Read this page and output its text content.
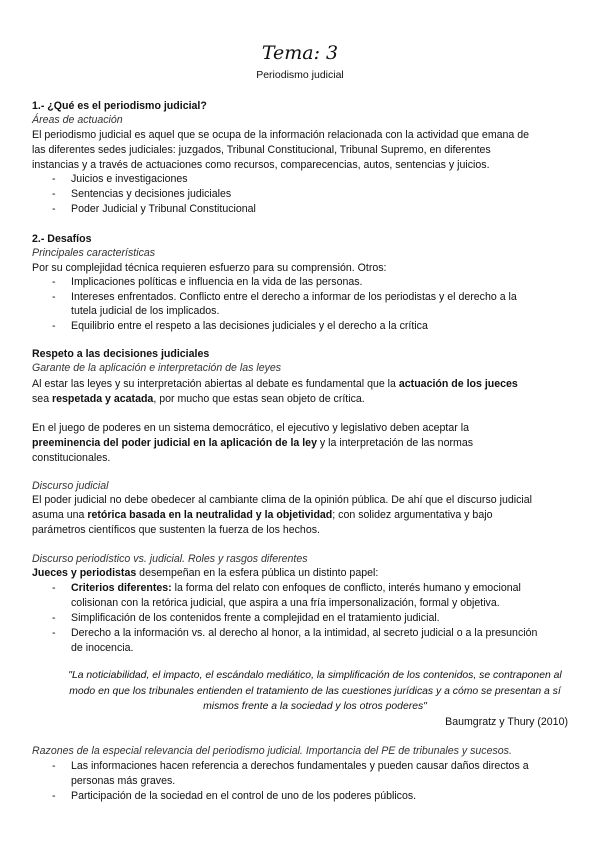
Tema: 3
Periodismo judicial
1.- ¿Qué es el periodismo judicial?
Áreas de actuación
El periodismo judicial es aquel que se ocupa de la información relacionada con la actividad que emana de
las diferentes sedes judiciales: juzgados, Tribunal Constitucional, Tribunal Supremo, en diferentes
instancias y a través de actuaciones como recursos, comparecencias, autos, sentencias y juicios.
- Juicios e investigaciones
- Sentencias y decisiones judiciales
- Poder Judicial y Tribunal Constitucional
2.- Desafíos
Principales características
Por su complejidad técnica requieren esfuerzo para su comprensión. Otros:
- Implicaciones políticas e influencia en la vida de las personas.
- Intereses enfrentados. Conflicto entre el derecho a informar de los periodistas y el derecho a la
tutela judicial de los implicados.
- Equilibrio entre el respeto a las decisiones judiciales y el derecho a la crítica
Respeto a las decisiones judiciales
Garante de la aplicación e interpretación de las leyes
Al estar las leyes y su interpretación abiertas al debate es fundamental que la actuación de los jueces
sea respetada y acatada, por mucho que estas sean objeto de crítica.
En el juego de poderes en un sistema democrático, el ejecutivo y legislativo deben aceptar la
preeminencia del poder judicial en la aplicación de la ley y la interpretación de las normas
constitucionales.
Discurso judicial
El poder judicial no debe obedecer al cambiante clima de la opinión pública. De ahí que el discurso judicial
asuma una retórica basada en la neutralidad y la objetividad; con solidez argumentativa y bajo
parámetros científicos que sustenten la fuerza de los hechos.
Discurso periodístico vs. judicial. Roles y rasgos diferentes
Jueces y periodistas desempeñan en la esfera pública un distinto papel:
- Criterios diferentes: la forma del relato con enfoques de conflicto, interés humano y emocional
colisionan con la retórica judicial, que aspira a una fría impersonalización, formal y objetiva.
- Simplificación de los contenidos frente a complejidad en el tratamiento judicial.
- Derecho a la información vs. al derecho al honor, a la intimidad, al secreto judicial o a la presunción
de inocencia.
"La noticiabilidad, el impacto, el escándalo mediático, la simplificación de los contenidos, se contraponen al
modo en que los tribunales entienden el tratamiento de las cuestiones jurídicas y a cómo se presentan a sí
mismos frente a la sociedad y los otros poderes"
Baumgratz y Thury (2010)
Razones de la especial relevancia del periodismo judicial. Importancia del PE de tribunales y sucesos.
- Las informaciones hacen referencia a derechos fundamentales y pueden causar daños directos a
personas más graves.
- Participación de la sociedad en el control de uno de los poderes públicos.
